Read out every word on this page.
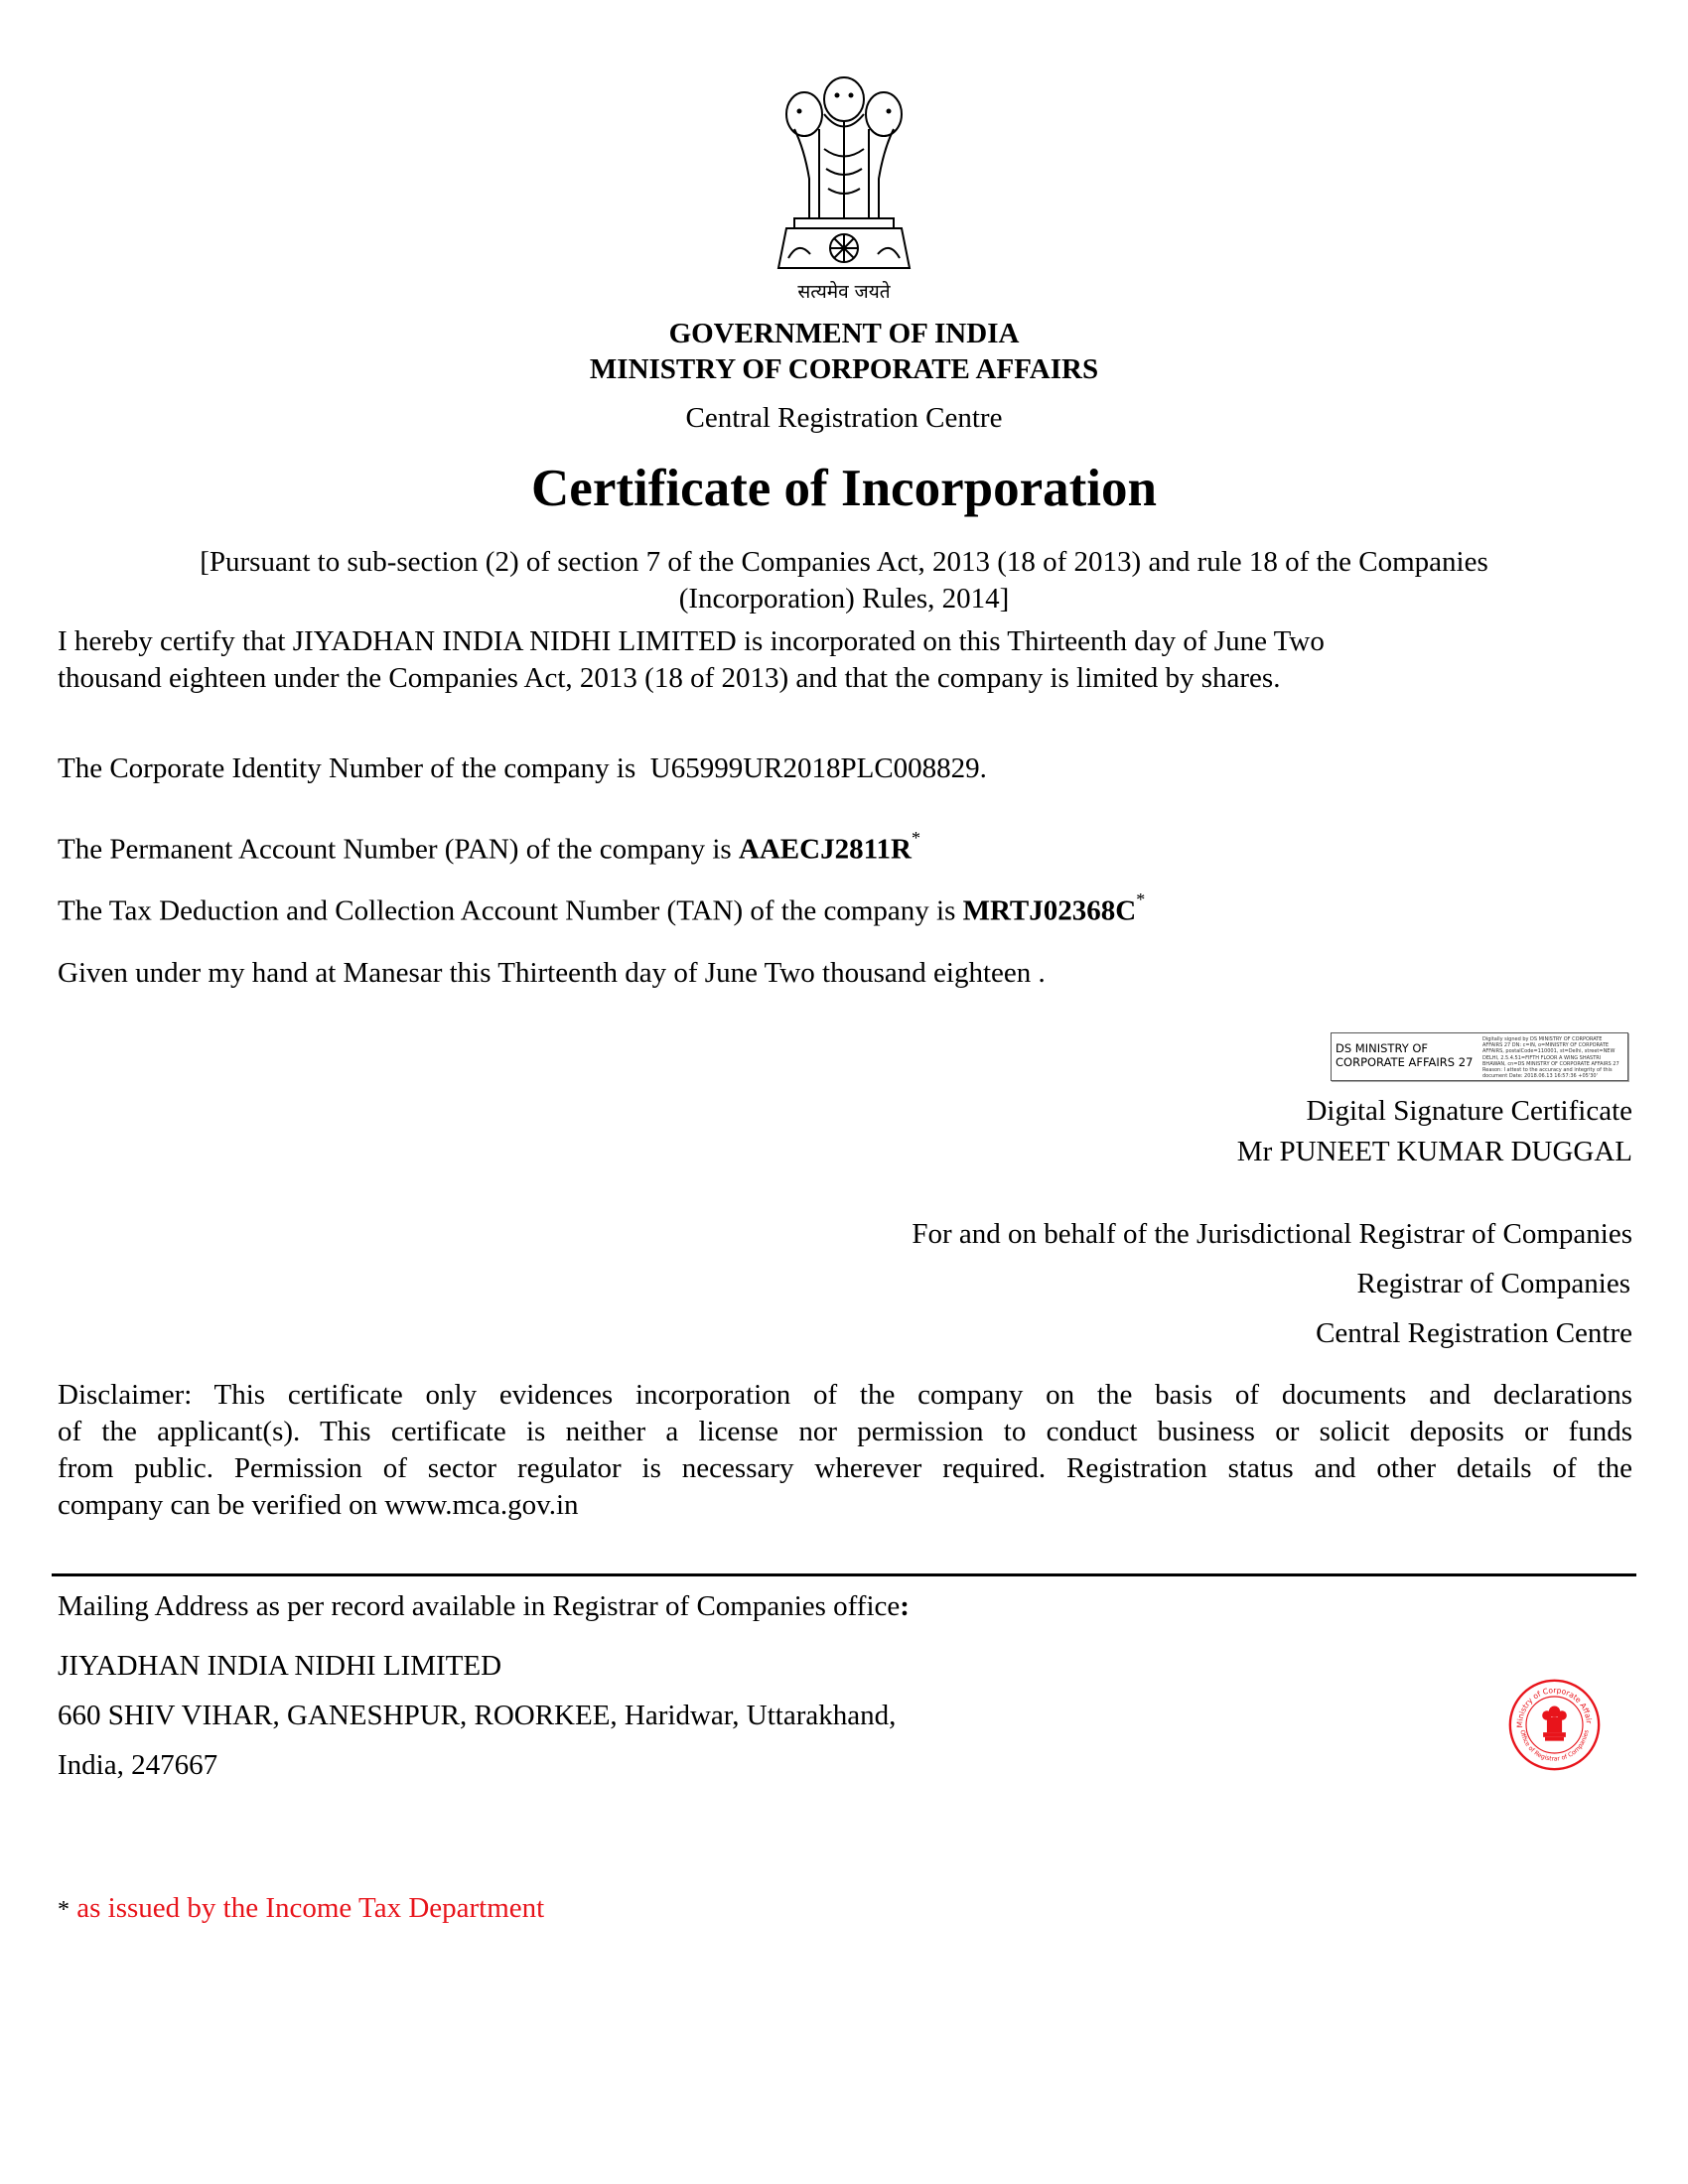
सत्यमेव जयते
GOVERNMENT OF INDIA
MINISTRY OF CORPORATE AFFAIRS
Central Registration Centre
Certificate of Incorporation
[Pursuant to sub-section (2) of section 7 of the Companies Act, 2013 (18 of 2013) and rule 18 of the Companies
(Incorporation) Rules, 2014]
I hereby certify that JIYADHAN INDIA NIDHI LIMITED is incorporated on this Thirteenth day of June Two
thousand eighteen under the Companies Act, 2013 (18 of 2013) and that the company is limited by shares.
The Corporate Identity Number of the company is U65999UR2018PLC008829.
The Permanent Account Number (PAN) of the company is AAECJ2811R*
The Tax Deduction and Collection Account Number (TAN) of the company is MRTJ02368C*
Given under my hand at Manesar this Thirteenth day of June Two thousand eighteen .
DS MINISTRY OF
CORPORATE AFFAIRS 27
Digitally signed by DS MINISTRY OF CORPORATE AFFAIRS 27 DN: c=IN, o=MINISTRY OF CORPORATE AFFAIRS, postalCode=110001, st=Delhi, street=NEW DELHI, 2.5.4.51=FIFTH FLOOR A WING SHASTRI BHAWAN, cn=DS MINISTRY OF CORPORATE AFFAIRS 27 Reason: I attest to the accuracy and integrity of this document Date: 2018.06.13 16:57:36 +05'30'
Digital Signature Certificate
Mr PUNEET KUMAR DUGGAL
For and on behalf of the Jurisdictional Registrar of Companies
Registrar of Companies
Central Registration Centre
Disclaimer: This certificate only evidences incorporation of the company on the basis of documents and declarations
of the applicant(s). This certificate is neither a license nor permission to conduct business or solicit deposits or funds
from public. Permission of sector regulator is necessary wherever required. Registration status and other details of the
company can be verified on www.mca.gov.in
Mailing Address as per record available in Registrar of Companies office:
JIYADHAN INDIA NIDHI LIMITED
660 SHIV VIHAR, GANESHPUR, ROORKEE, Haridwar, Uttarakhand,
India, 247667
Ministry of Corporate Affairs
Office of Registrar of Companies
* as issued by the Income Tax Department
